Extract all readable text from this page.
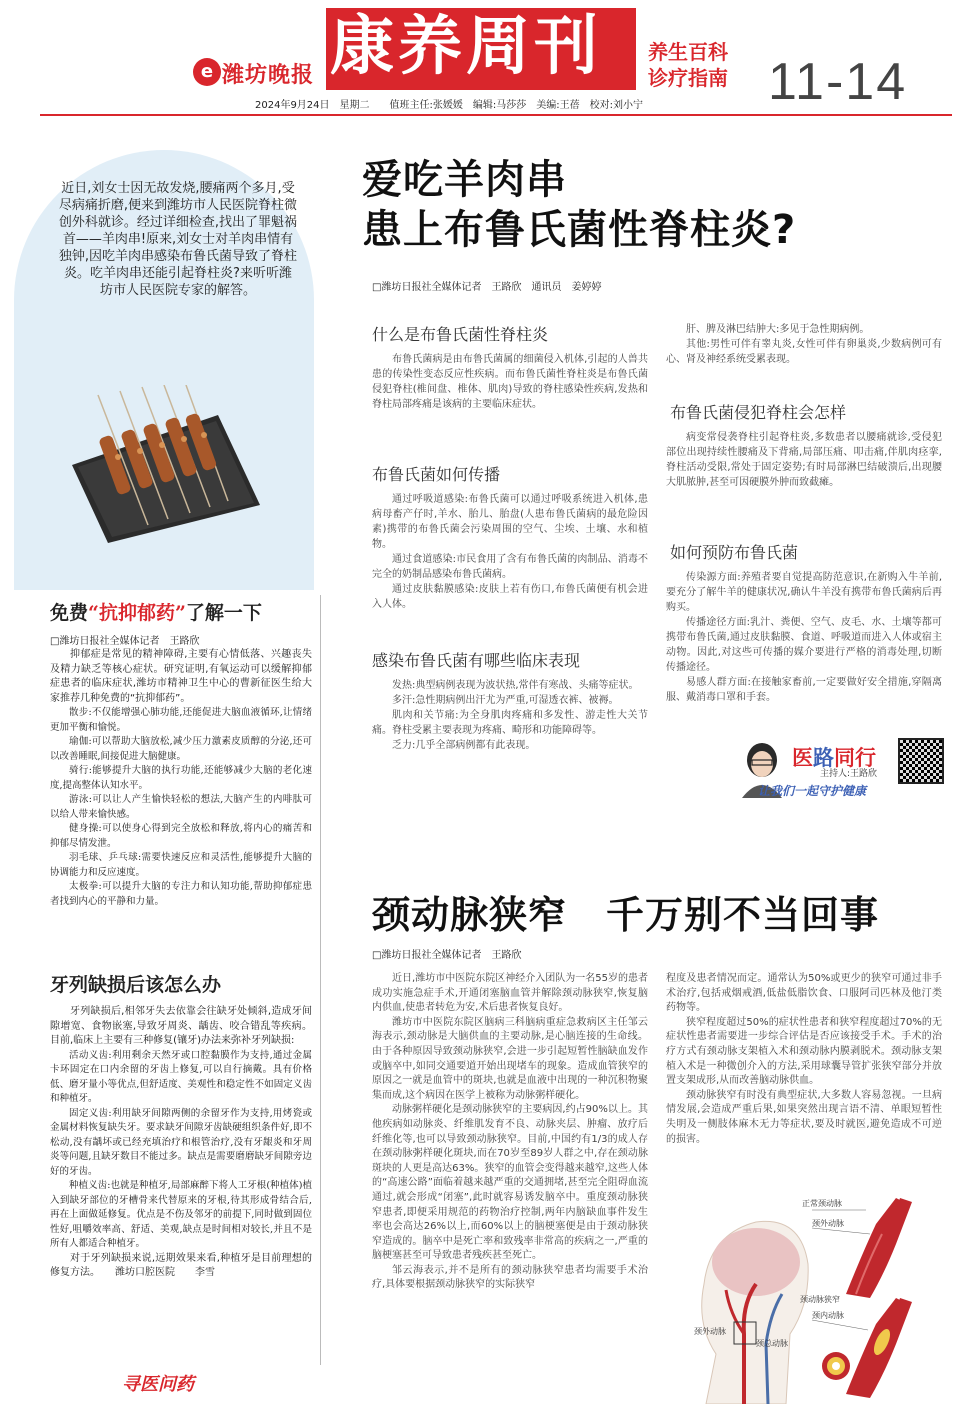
e 潍坊晚报 康养周刊 养生百科
诊疗指南 11-14
2024年9月24日　星期二　　值班主任:张媛媛　编辑:马莎莎　美编:王蓓　校对:刘小宁
近日,刘女士因无故发烧,腰痛两个多月,受尽病痛折磨,便来到潍坊市人民医院脊柱微创外科就诊。经过详细检查,找出了罪魁祸首——羊肉串!原来,刘女士对羊肉串情有独钟,因吃羊肉串感染布鲁氏菌导致了脊柱炎。吃羊肉串还能引起脊柱炎?来听听潍坊市人民医院专家的解答。
免费“抗抑郁药”了解一下
□潍坊日报社全媒体记者　王路欣

抑郁症是常见的精神障碍,主要有心情低落、兴趣丧失及精力缺乏等核心症状。研究证明,有氧运动可以缓解抑郁症患者的临床症状,潍坊市精神卫生中心的曹新征医生给大家推荐几种免费的“抗抑郁药”。

散步:不仅能增强心肺功能,还能促进大脑血液循环,让情绪更加平衡和愉悦。

瑜伽:可以帮助大脑放松,减少压力激素皮质醇的分泌,还可以改善睡眠,间接促进大脑健康。

骑行:能够提升大脑的执行功能,还能够减少大脑的老化速度,提高整体认知水平。

游泳:可以让人产生愉快轻松的想法,大脑产生的内啡肽可以给人带来愉快感。

健身操:可以使身心得到完全放松和释放,将内心的痛苦和抑郁尽情发泄。

羽毛球、乒乓球:需要快速反应和灵活性,能够提升大脑的协调能力和反应速度。

太极拳:可以提升大脑的专注力和认知功能,帮助抑郁症患者找到内心的平静和力量。

牙列缺损后该怎么办

牙列缺损后,相邻牙失去依靠会往缺牙处倾斜,造成牙间隙增宽、食物嵌塞,导致牙周炎、龋齿、咬合错乱等疾病。目前,临床上主要有三种修复(镶牙)办法来弥补牙列缺损:

活动义齿:利用剩余天然牙或口腔黏膜作为支持,通过金属卡环固定在口内余留的牙齿上修复,可以自行摘戴。具有价格低、磨牙量小等优点,但舒适度、美观性和稳定性不如固定义齿和种植牙。

固定义齿:利用缺牙间隙两侧的余留牙作为支持,用烤瓷或金属材料恢复缺失牙。要求缺牙间隙牙齿缺硬组织条件好,即不松动,没有龋坏或已经充填治疗和根管治疗,没有牙龈炎和牙周炎等问题,且缺牙数目不能过多。缺点是需要磨磨缺牙间隙旁边好的牙齿。

种植义齿:也就是种植牙,局部麻醉下将人工牙根(种植体)植入到缺牙部位的牙槽骨来代替原来的牙根,待其形成骨结合后,再在上面做延修复。优点是不伤及邻牙的前提下,同时做到固位性好,咀嚼效率高、舒适、美观,缺点是时间相对较长,并且不是所有人都适合种植牙。

对于牙列缺损来说,远期效果来看,种植牙是目前理想的修复方法。　　潍坊口腔医院　　李雪

寻医问药
爱吃羊肉串
患上布鲁氏菌性脊柱炎?
□潍坊日报社全媒体记者　王路欣　通讯员　姜婷婷
什么是布鲁氏菌性脊柱炎

布鲁氏菌病是由布鲁氏菌属的细菌侵入机体,引起的人兽共患的传染性变态反应性疾病。而布鲁氏菌性脊柱炎是布鲁氏菌侵犯脊柱(椎间盘、椎体、肌肉)导致的脊柱感染性疾病,发热和脊柱局部疼痛是该病的主要临床症状。

布鲁氏菌如何传播

通过呼吸道感染:布鲁氏菌可以通过呼吸系统进入机体,患病母畜产仔时,羊水、胎儿、胎盘(人患布鲁氏菌病的最危险因素)携带的布鲁氏菌会污染周围的空气、尘埃、土壤、水和植物。

通过食道感染:市民食用了含有布鲁氏菌的肉制品、消毒不完全的奶制品感染布鲁氏菌病。

通过皮肤黏膜感染:皮肤上若有伤口,布鲁氏菌便有机会进入人体。

感染布鲁氏菌有哪些临床表现

发热:典型病例表现为波状热,常伴有寒战、头痛等症状。

多汗:急性期病例出汗尤为严重,可湿透衣裤、被褥。

肌肉和关节痛:为全身肌肉疼痛和多发性、游走性大关节痛。脊柱受累主要表现为疼痛、畸形和功能障碍等。

乏力:几乎全部病例都有此表现。

肝、脾及淋巴结肿大:多见于急性期病例。

其他:男性可伴有睾丸炎,女性可伴有卵巢炎,少数病例可有心、肾及神经系统受累表现。

布鲁氏菌侵犯脊柱会怎样

病变常侵袭脊柱引起脊柱炎,多数患者以腰痛就诊,受侵犯部位出现持续性腰痛及下背痛,局部压痛、叩击痛,伴肌肉痉挛,脊柱活动受限,常处于固定姿势;有时局部淋巴结破溃后,出现腰大肌脓肿,甚至可因硬膜外肿而致截瘫。

如何预防布鲁氏菌

传染源方面:养殖者要自觉提高防范意识,在新购入牛羊前,要充分了解牛羊的健康状况,确认牛羊没有携带布鲁氏菌病后再购买。

传播途径方面:乳汁、粪便、空气、皮毛、水、土壤等都可携带布鲁氏菌,通过皮肤黏膜、食道、呼吸道而进入人体或宿主动物。因此,对这些可传播的媒介要进行严格的消毒处理,切断传播途径。

易感人群方面:在接触家畜前,一定要做好安全措施,穿隔离服、戴消毒口罩和手套。

医路同行
主持人:王路欣
让我们一起守护健康
颈动脉狭窄　千万别不当回事
□潍坊日报社全媒体记者　王路欣

近日,潍坊市中医院东院区神经介入团队为一名55岁的患者成功实施急症手术,开通闭塞脑血管并解除颈动脉狭窄,恢复脑内供血,使患者转危为安,术后患者恢复良好。

潍坊市中医院东院区脑病三科脑病重症急救病区主任邹云海表示,颈动脉是大脑供血的主要动脉,是心脑连接的生命线。由于各种原因导致颈动脉狭窄,会进一步引起短暂性脑缺血发作或脑卒中,如同交通要道开始出现堵车的现象。造成血管狭窄的原因之一就是血管中的斑块,也就是血液中出现的一种沉积物聚集而成,这个病因在医学上被称为动脉粥样硬化。

动脉粥样硬化是颈动脉狭窄的主要病因,约占90%以上。其他疾病如动脉炎、纤维肌发育不良、动脉夹层、肿瘤、放疗后纤维化等,也可以导致颈动脉狭窄。目前,中国约有1/3的成人存在颈动脉粥样硬化斑块,而在70岁至89岁人群之中,存在颈动脉斑块的人更是高达63%。狭窄的血管会变得越来越窄,这些人体的“高速公路”面临着越来越严重的交通拥堵,甚至完全阻碍血流通过,就会形成“闭塞”,此时就容易诱发脑卒中。重度颈动脉狭窄患者,即便采用规范的药物治疗控制,两年内脑缺血事件发生率也会高达26%以上,而60%以上的脑梗塞便是由于颈动脉狭窄造成的。脑卒中是死亡率和致残率非常高的疾病之一,严重的脑梗塞甚至可导致患者残疾甚至死亡。

邹云海表示,并不是所有的颈动脉狭窄患者均需要手术治疗,具体要根据颈动脉狭窄的实际狭窄

程度及患者情况而定。通常认为50%或更少的狭窄可通过非手术治疗,包括戒烟戒酒,低盐低脂饮食、口服阿司匹林及他汀类药物等。

狭窄程度超过50%的症状性患者和狭窄程度超过70%的无症状性患者需要进一步综合评估是否应该接受手术。手术的治疗方式有颈动脉支架植入术和颈动脉内膜剥脱术。颈动脉支架植入术是一种微创介入的方法,采用球囊导管扩张狭窄部分并放置支架成形,从而改善脑动脉供血。

颈动脉狭窄有时没有典型症状,大多数人容易忽视。一旦病情发展,会造成严重后果,如果突然出现言语不清、单眼短暂性失明及一侧肢体麻木无力等症状,要及时就医,避免造成不可逆的损害。

正常颈动脉
颈外动脉
颈动脉狭窄
颈内动脉
颈外动脉
颈总动脉
